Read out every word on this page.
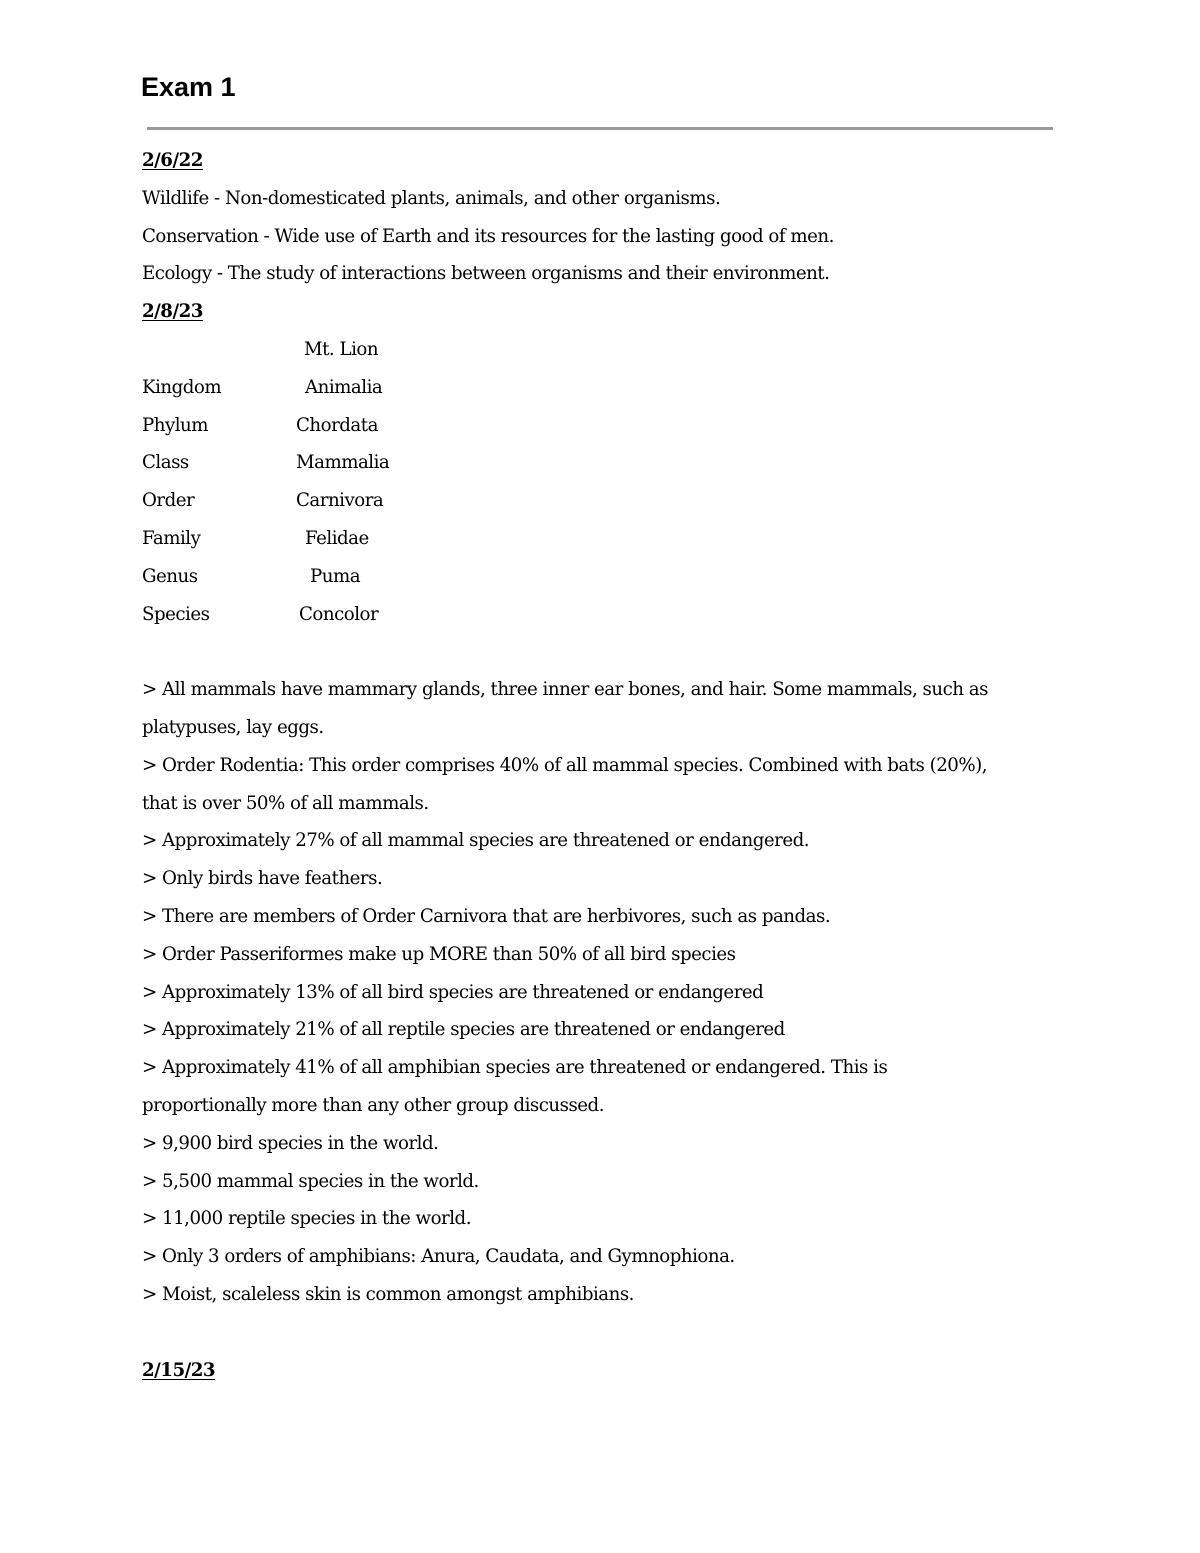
Exam 1
2/6/22
Wildlife - Non-domesticated plants, animals, and other organisms.
Conservation - Wide use of Earth and its resources for the lasting good of men.
Ecology - The study of interactions between organisms and their environment.
2/8/23
Mt. Lion
Kingdom	Animalia
Phylum	Chordata
Class	Mammalia
Order	Carnivora
Family	Felidae
Genus	Puma
Species	Concolor
> All mammals have mammary glands, three inner ear bones, and hair. Some mammals, such as
platypuses, lay eggs.
> Order Rodentia: This order comprises 40% of all mammal species. Combined with bats (20%),
that is over 50% of all mammals.
> Approximately 27% of all mammal species are threatened or endangered.
> Only birds have feathers.
> There are members of Order Carnivora that are herbivores, such as pandas.
> Order Passeriformes make up MORE than 50% of all bird species
> Approximately 13% of all bird species are threatened or endangered
> Approximately 21% of all reptile species are threatened or endangered
> Approximately 41% of all amphibian species are threatened or endangered. This is
proportionally more than any other group discussed.
> 9,900 bird species in the world.
> 5,500 mammal species in the world.
> 11,000 reptile species in the world.
> Only 3 orders of amphibians: Anura, Caudata, and Gymnophiona.
> Moist, scaleless skin is common amongst amphibians.
2/15/23
